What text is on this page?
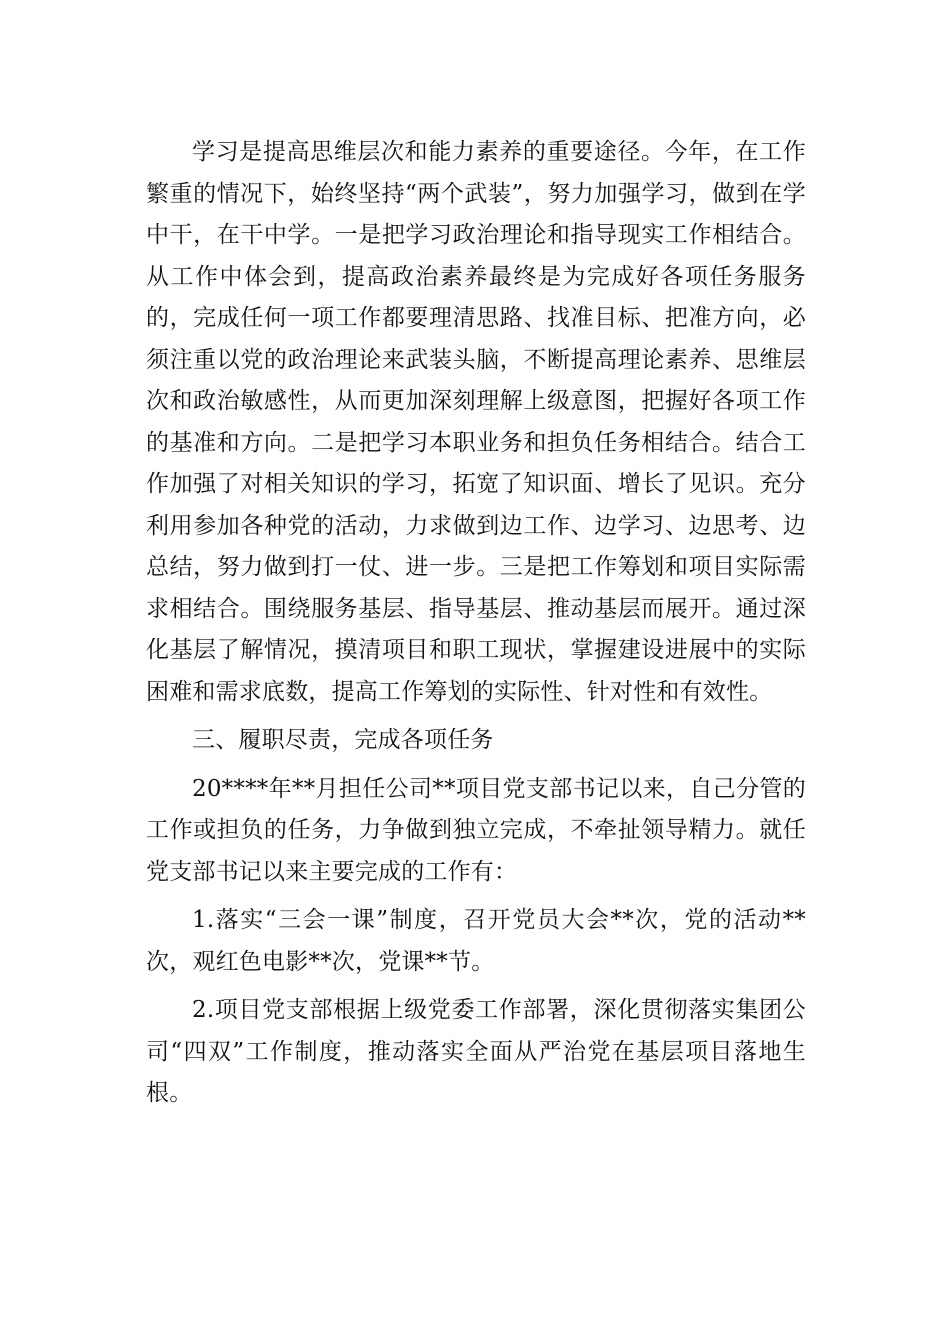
学习是提高思维层次和能力素养的重要途径。今年，在工作繁重的情况下，始终坚持“两个武装”，努力加强学习，做到在学中干，在干中学。一是把学习政治理论和指导现实工作相结合。从工作中体会到，提高政治素养最终是为完成好各项任务服务的，完成任何一项工作都要理清思路、找准目标、把准方向，必须注重以党的政治理论来武装头脑，不断提高理论素养、思维层次和政治敏感性，从而更加深刻理解上级意图，把握好各项工作的基准和方向。二是把学习本职业务和担负任务相结合。结合工作加强了对相关知识的学习，拓宽了知识面、增长了见识。充分利用参加各种党的活动，力求做到边工作、边学习、边思考、边总结，努力做到打一仗、进一步。三是把工作筹划和项目实际需求相结合。围绕服务基层、指导基层、推动基层而展开。通过深化基层了解情况，摸清项目和职工现状，掌握建设进展中的实际困难和需求底数，提高工作筹划的实际性、针对性和有效性。

三、履职尽责，完成各项任务

20****年**月担任公司**项目党支部书记以来，自己分管的工作或担负的任务，力争做到独立完成，不牵扯领导精力。就任党支部书记以来主要完成的工作有：

1.落实“三会一课”制度，召开党员大会**次，党的活动**次，观红色电影**次，党课**节。

2.项目党支部根据上级党委工作部署，深化贯彻落实集团公司“四双”工作制度，推动落实全面从严治党在基层项目落地生根。
